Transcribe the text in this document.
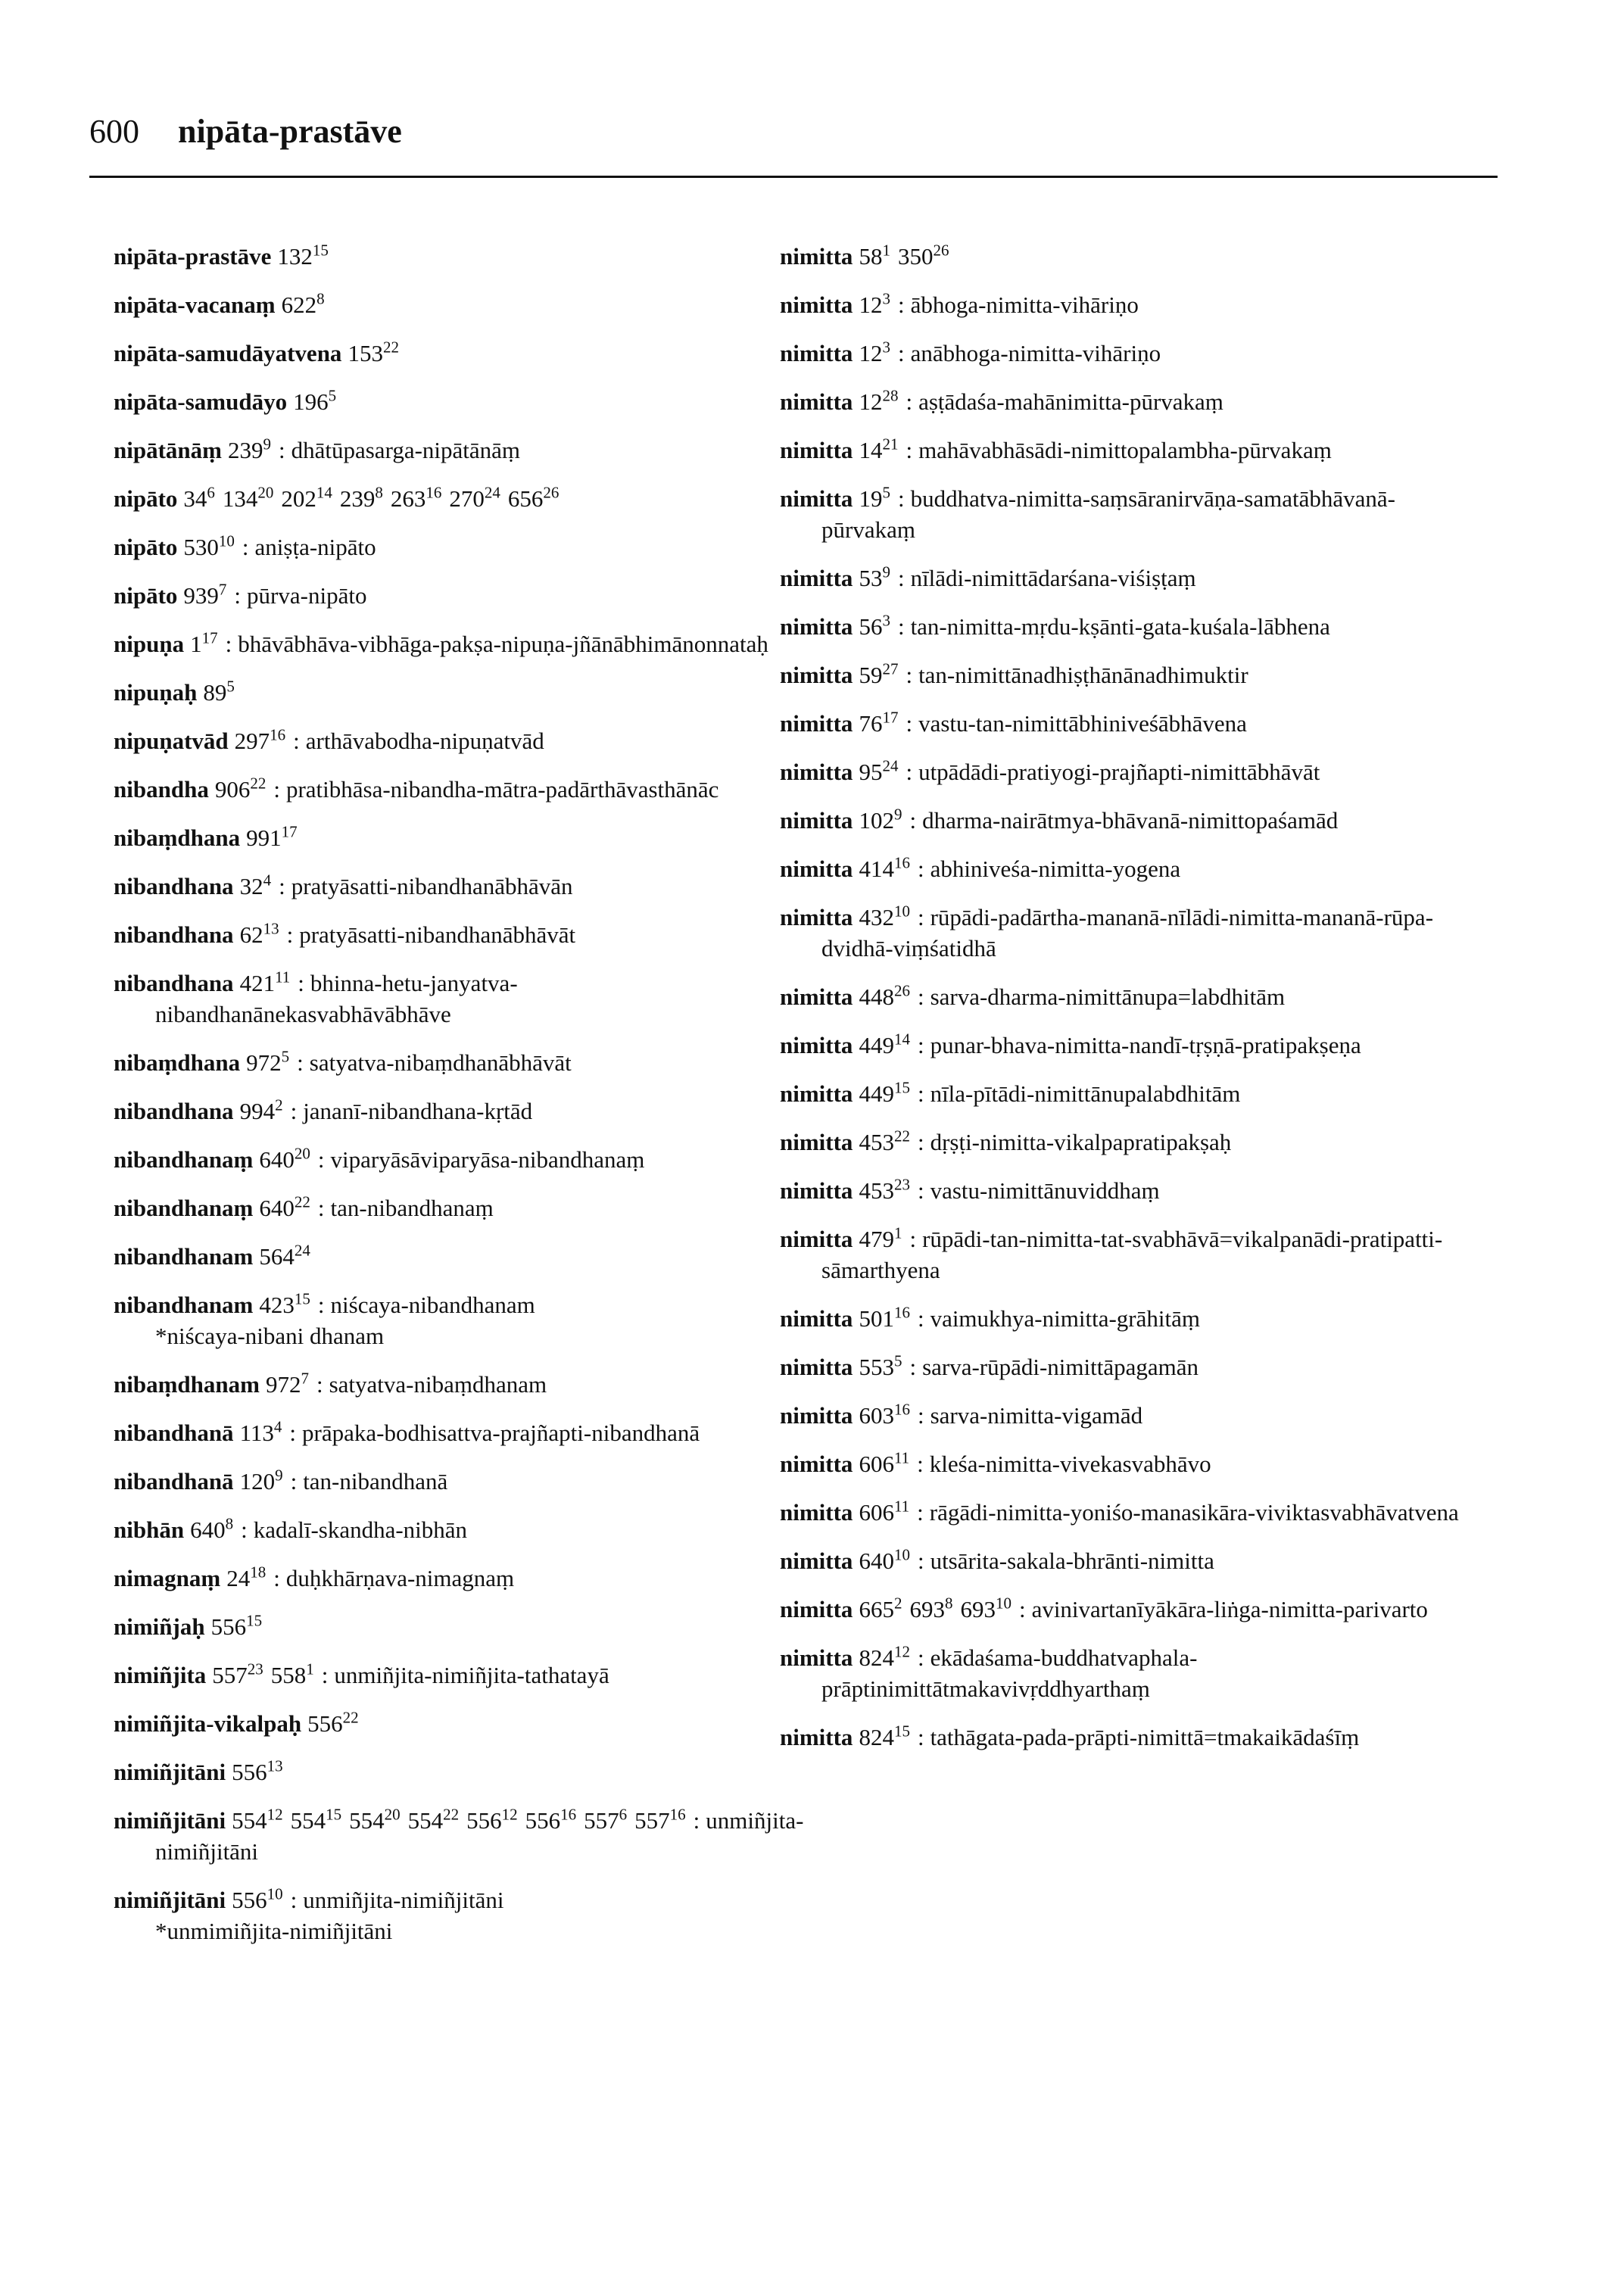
600 nipāta-prastāve
nipāta-prastāve $132^{15}$
nipāta-vacanaṃ $622^8$
nipāta-samudāyatvena $153^{22}$
nipāta-samudāyo $196^5$
nipātānāṃ $239^9$ : dhātūpasarga-nipātānāṃ
nipāto $34^6$ $134^{20}$ $202^{14}$ $239^8$ $263^{16}$ $270^{24}$ $656^{26}$
nipāto $530^{10}$ : aniṣṭa-nipāto
nipāto $939^7$ : pūrva-nipāto
nipuṇa $1^{17}$ : bhāvābhāva-vibhāga-pakṣa-nipuṇa-jñānābhimānonnataḥ
nipuṇaḥ $89^5$
nipuṇatvād $297^{16}$ : arthāvabodha-nipuṇatvād
nibandha $906^{22}$ : pratibhāsa-nibandha-mātra-padārthāvasthānāc
nibaṃdhana $991^{17}$
nibandhana $32^4$ : pratyāsatti-nibandhanābhāvān
nibandhana $62^{13}$ : pratyāsatti-nibandhanābhāvāt
nibandhana $421^{11}$ : bhinna-hetu-janyatva-nibandhanānekasvabhāvābhāve
nibaṃdhana $972^5$ : satyatva-nibaṃdhanābhāvāt
nibandhana $994^2$ : jananī-nibandhana-kṛtād
nibandhanaṃ $640^{20}$ : viparyāsāviparyāsa-nibandhanaṃ
nibandhanaṃ $640^{22}$ : tan-nibandhanaṃ
nibandhanam $564^{24}$
nibandhanam $423^{15}$ : niścaya-nibandhanam
*niścaya-nibani dhanam
nibaṃdhanam $972^7$ : satyatva-nibaṃdhanam
nibandhanā $113^4$ : prāpaka-bodhisattva-prajñapti-nibandhanā
nibandhanā $120^9$ : tan-nibandhanā
nibhān $640^8$ : kadalī-skandha-nibhān
nimagnaṃ $24^{18}$ : duḥkhārṇava-nimagnaṃ
nimiñjaḥ $556^{15}$
nimiñjita $557^{23}$ $558^1$ : unmiñjita-nimiñjita-tathatayā
nimiñjita-vikalpaḥ $556^{22}$
nimiñjitāni $556^{13}$
nimiñjitāni $554^{12}$ $554^{15}$ $554^{20}$ $554^{22}$ $556^{12}$ $556^{16}$ $557^6$ $557^{16}$ : unmiñjita-nimiñjitāni
nimiñjitāni $556^{10}$ : unmiñjita-nimiñjitāni
*unmimiñjita-nimiñjitāni
nimitta $58^1$ $350^{26}$
nimitta $12^3$ : ābhoga-nimitta-vihāriṇo
nimitta $12^3$ : anābhoga-nimitta-vihāriṇo
nimitta $12^{28}$ : aṣṭādaśa-mahānimitta-pūrvakaṃ
nimitta $14^{21}$ : mahāvabhāsādi-nimittopalambha-pūrvakaṃ
nimitta $19^5$ : buddhatva-nimitta-saṃsāranirvāṇa-samatābhāvanā-pūrvakaṃ
nimitta $53^9$ : nīlādi-nimittādarśana-viśiṣṭaṃ
nimitta $56^3$ : tan-nimitta-mṛdu-kṣānti-gata-kuśala-lābhena
nimitta $59^{27}$ : tan-nimittānadhiṣṭhānānadhimuktir
nimitta $76^{17}$ : vastu-tan-nimittābhiniveśābhāvena
nimitta $95^{24}$ : utpādādi-pratiyogi-prajñapti-nimittābhāvāt
nimitta $102^9$ : dharma-nairātmya-bhāvanā-nimittopaśamād
nimitta $414^{16}$ : abhiniveśa-nimitta-yogena
nimitta $432^{10}$ : rūpādi-padārtha-mananā-nīlādi-nimitta-mananā-rūpa-dvidhā-viṃśatidhā
nimitta $448^{26}$ : sarva-dharma-nimittānupa=labdhitām
nimitta $449^{14}$ : punar-bhava-nimitta-nandī-tṛṣṇā-pratipakṣeṇa
nimitta $449^{15}$ : nīla-pītādi-nimittānupalabdhitām
nimitta $453^{22}$ : dṛṣṭi-nimitta-vikalpapratipakṣaḥ
nimitta $453^{23}$ : vastu-nimittānuviddhaṃ
nimitta $479^1$ : rūpādi-tan-nimitta-tat-svabhāvā=vikalpanādi-pratipatti-sāmarthyena
nimitta $501^{16}$ : vaimukhya-nimitta-grāhitāṃ
nimitta $553^5$ : sarva-rūpādi-nimittāpagamān
nimitta $603^{16}$ : sarva-nimitta-vigamād
nimitta $606^{11}$ : kleśa-nimitta-vivekasvabhāvo
nimitta $606^{11}$ : rāgādi-nimitta-yoniśo-manasikāra-viviktasvabhāvatvena
nimitta $640^{10}$ : utsārita-sakala-bhrānti-nimitta
nimitta $665^2$ $693^8$ $693^{10}$ : avinivartanīyākāra-liṅga-nimitta-parivarto
nimitta $824^{12}$ : ekādaśama-buddhatvaphala-prāptinimittātmakavivṛddhyarthaṃ
nimitta $824^{15}$ : tathāgata-pada-prāpti-nimittā=tmakaikādaśīṃ
